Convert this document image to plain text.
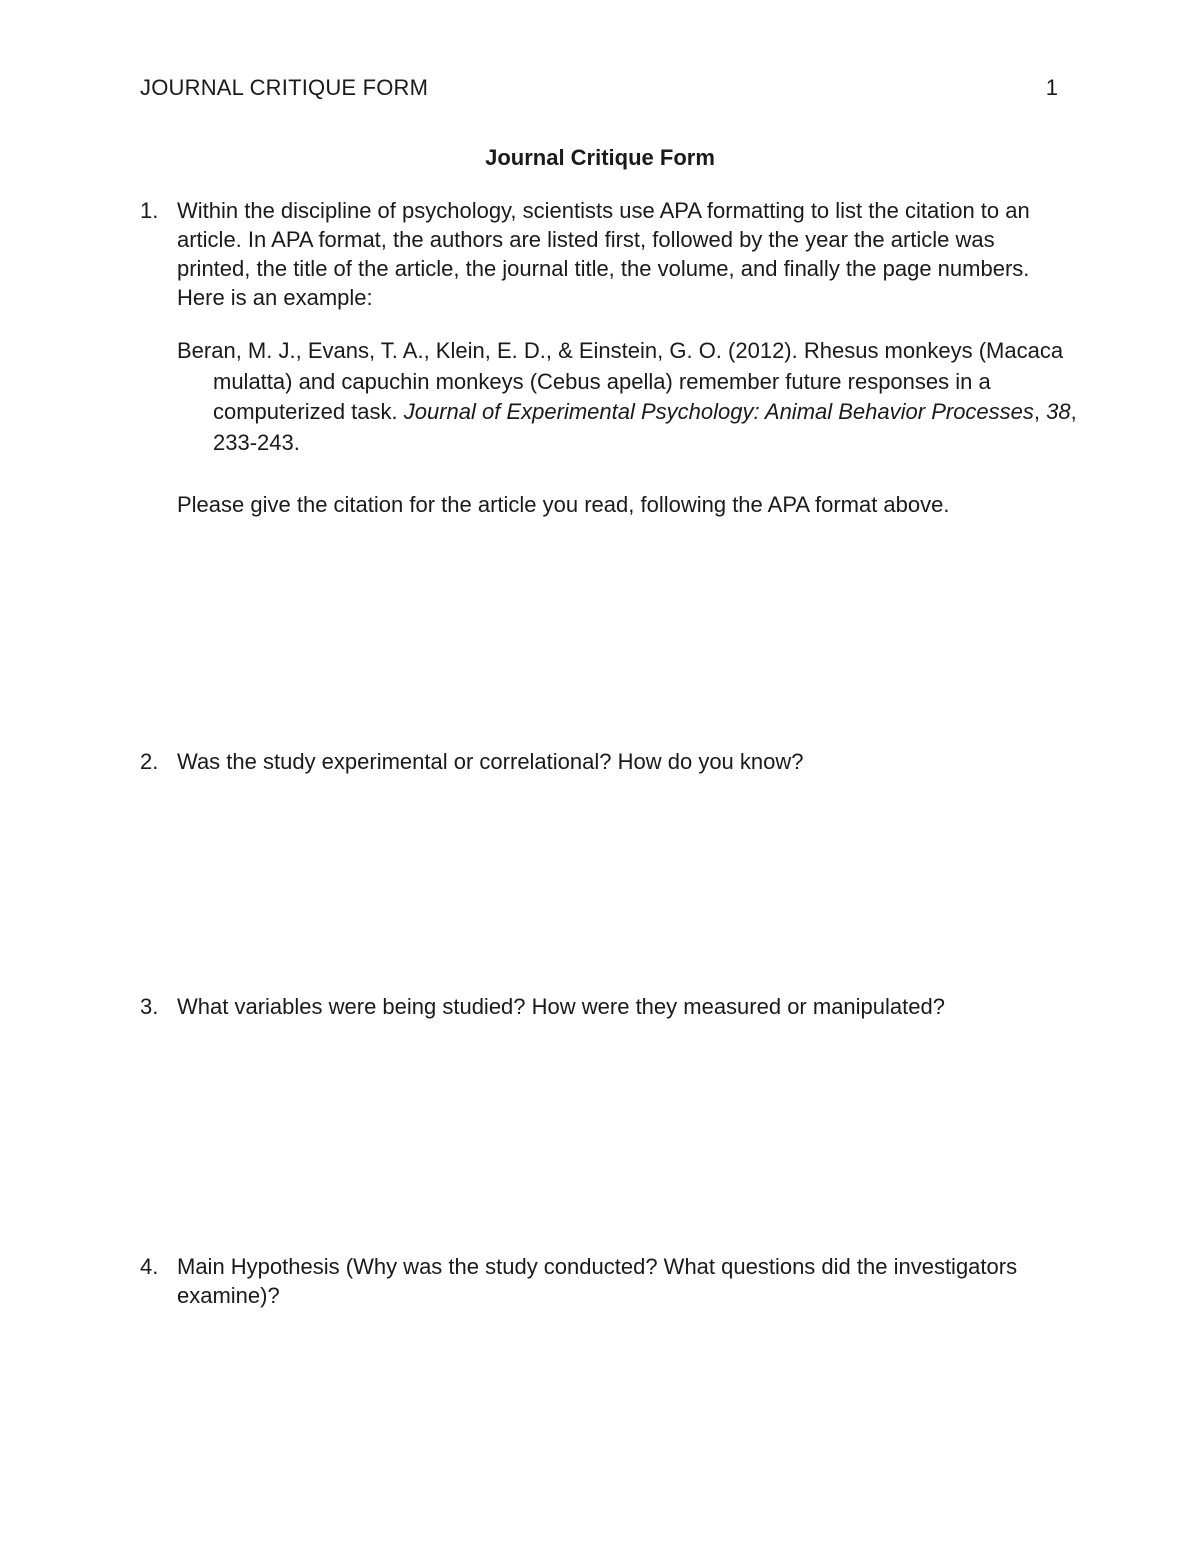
JOURNAL CRITIQUE FORM	1
Journal Critique Form
1. Within the discipline of psychology, scientists use APA formatting to list the citation to an article. In APA format, the authors are listed first, followed by the year the article was printed, the title of the article, the journal title, the volume, and finally the page numbers. Here is an example:
Beran, M. J., Evans, T. A., Klein, E. D., & Einstein, G. O. (2012). Rhesus monkeys (Macaca mulatta) and capuchin monkeys (Cebus apella) remember future responses in a computerized task. Journal of Experimental Psychology: Animal Behavior Processes, 38, 233-243.
Please give the citation for the article you read, following the APA format above.
2. Was the study experimental or correlational? How do you know?
3. What variables were being studied? How were they measured or manipulated?
4. Main Hypothesis (Why was the study conducted? What questions did the investigators examine)?
